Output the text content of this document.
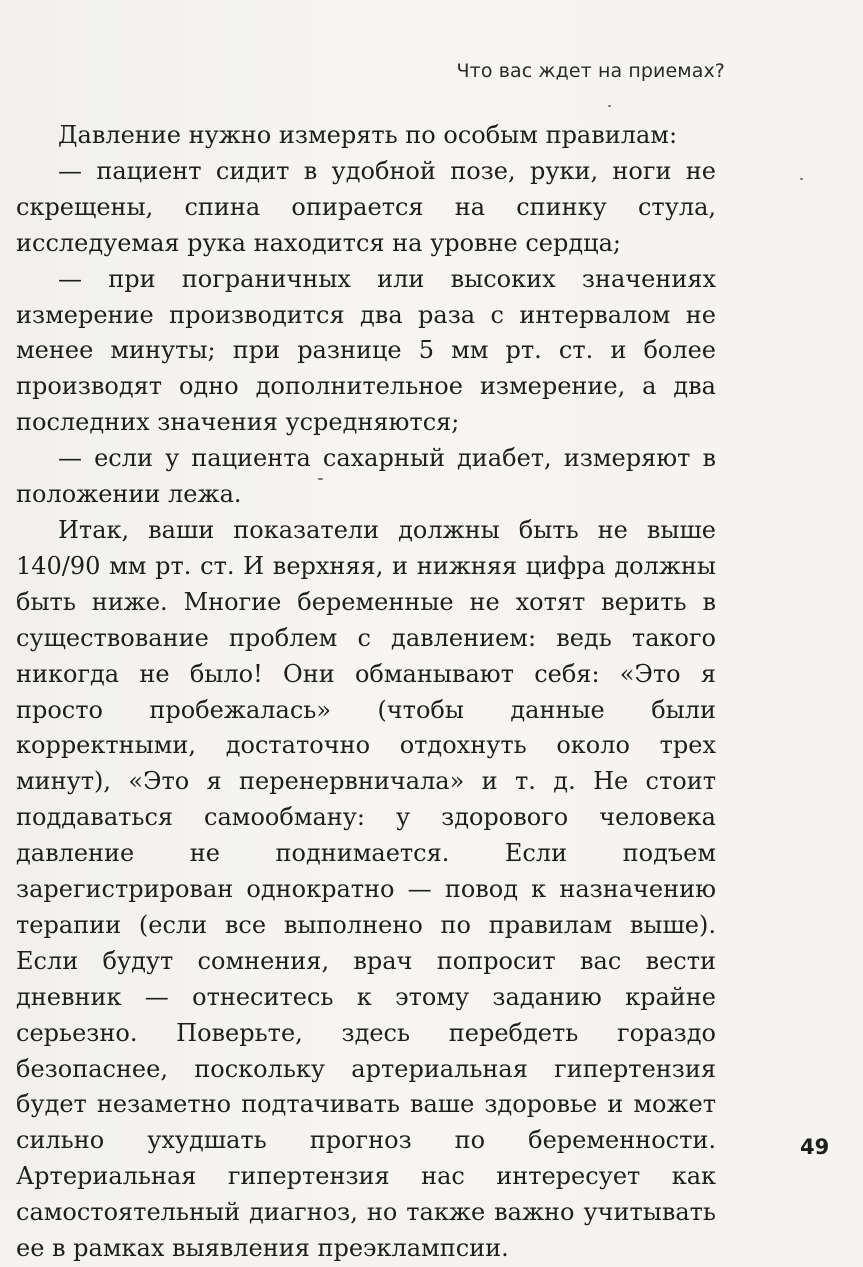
Что вас ждет на приемах?

Давление нужно измерять по особым правилам:

— пациент сидит в удобной позе, руки, ноги не скрещены, спина опирается на спинку стула, исследуемая рука находится на уровне сердца;

— при пограничных или высоких значениях измерение производится два раза с интервалом не менее минуты; при разнице 5 мм рт. ст. и более производят одно дополнительное измерение, а два последних значения усредняются;

— если у пациента сахарный диабет, измеряют в положении лежа.

Итак, ваши показатели должны быть не выше 140/90 мм рт. ст. И верхняя, и нижняя цифра должны быть ниже. Многие беременные не хотят верить в существование проблем с давлением: ведь такого никогда не было! Они обманывают себя: «Это я просто пробежалась» (чтобы данные были корректными, достаточно отдохнуть около трех минут), «Это я перенервничала» и т. д. Не стоит поддаваться самообману: у здорового человека давление не поднимается. Если подъем зарегистрирован однократно — повод к назначению терапии (если все выполнено по правилам выше). Если будут сомнения, врач попросит вас вести дневник — отнеситесь к этому заданию крайне серьезно. Поверьте, здесь перебдеть гораздо безопаснее, поскольку артериальная гипертензия будет незаметно подтачивать ваше здоровье и может сильно ухудшать прогноз по беременности. Артериальная гипертензия нас интересует как самостоятельный диагноз, но также важно учитывать ее в рамках выявления преэклампсии.

49
